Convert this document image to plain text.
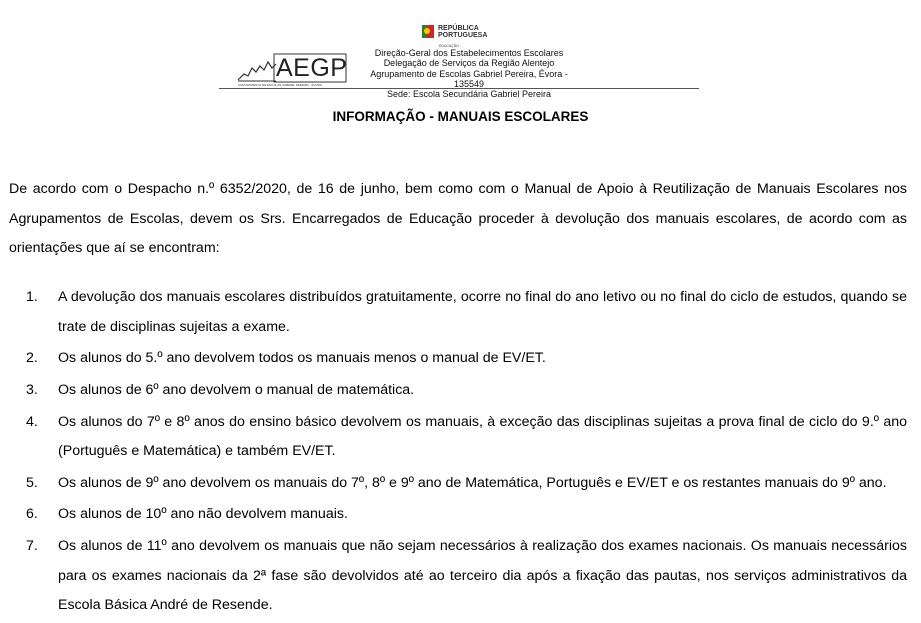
AEGP
AGRUPAMENTO DE ESCOLAS GABRIEL PEREIRA · ÉVORA
REPÚBLICA
PORTUGUESA
EDUCAÇÃO
Direção-Geral dos Estabelecimentos Escolares
Delegação de Serviços da Região Alentejo
Agrupamento de Escolas Gabriel Pereira, Évora - 135549
Sede: Escola Secundária Gabriel Pereira
INFORMAÇÃO - MANUAIS ESCOLARES

De acordo com o Despacho n.º 6352/2020, de 16 de junho, bem como com o Manual de Apoio à Reutilização de Manuais Escolares nos Agrupamentos de Escolas, devem os Srs. Encarregados de Educação proceder à devolução dos manuais escolares, de acordo com as orientações que aí se encontram:

1.	A devolução dos manuais escolares distribuídos gratuitamente, ocorre no final do ano letivo ou no final do ciclo de estudos, quando se trate de disciplinas sujeitas a exame.
2.	Os alunos do 5.º ano devolvem todos os manuais menos o manual de EV/ET.
3.	Os alunos de 6º ano devolvem o manual de matemática.
4.	Os alunos do 7º e 8º anos do ensino básico devolvem os manuais, à exceção das disciplinas sujeitas a prova final de ciclo do 9.º ano (Português e Matemática) e também EV/ET.
5.	Os alunos de 9º ano devolvem os manuais do 7º, 8º e 9º ano de Matemática, Português e EV/ET e os restantes manuais do 9º ano.
6.	Os alunos de 10º ano não devolvem manuais.
7.	Os alunos de 11º ano devolvem os manuais que não sejam necessários à realização dos exames nacionais. Os manuais necessários para os exames nacionais da 2ª fase são devolvidos até ao terceiro dia após a fixação das pautas, nos serviços administrativos da Escola Básica André de Resende.
